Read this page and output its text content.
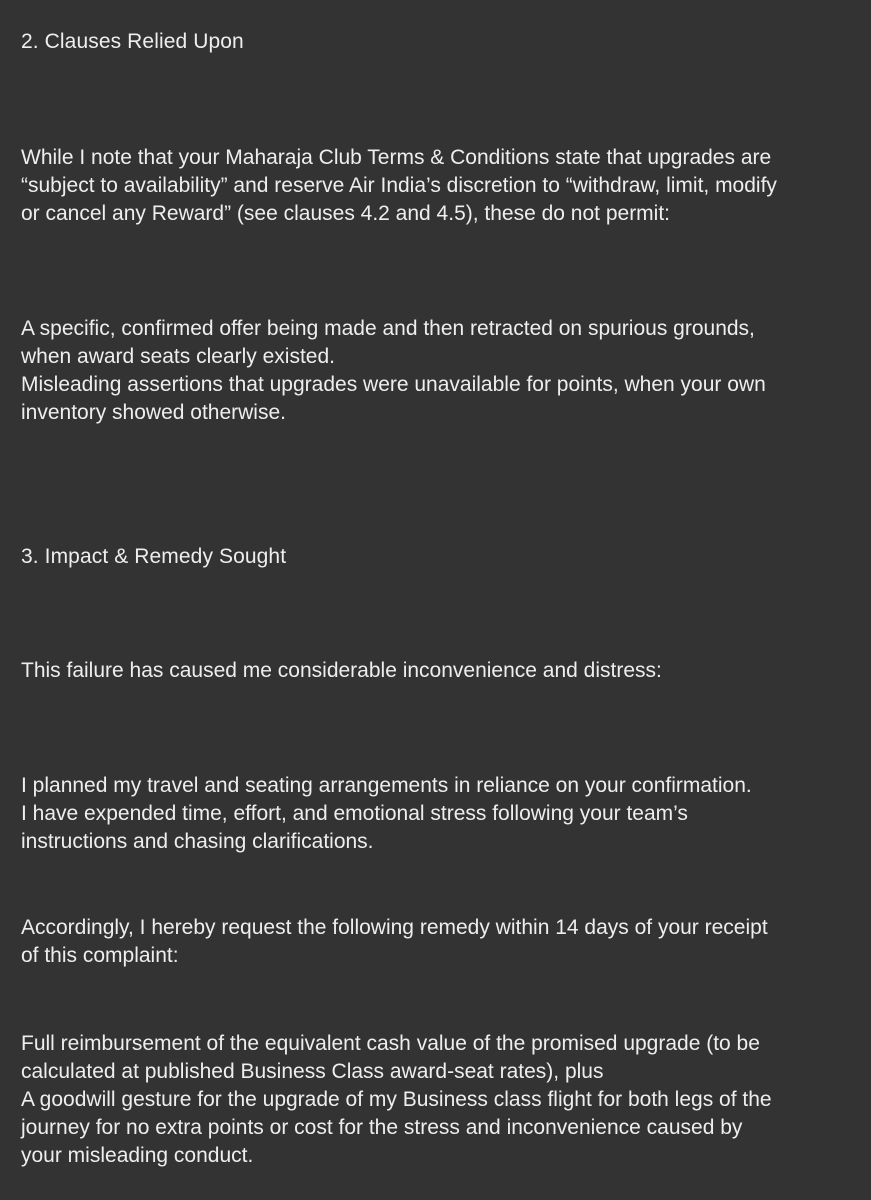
2. Clauses Relied Upon

While I note that your Maharaja Club Terms & Conditions state that upgrades are

“subject to availability” and reserve Air India’s discretion to “withdraw, limit, modify

or cancel any Reward” (see clauses 4.2 and 4.5), these do not permit:

A specific, confirmed offer being made and then retracted on spurious grounds,

when award seats clearly existed.

Misleading assertions that upgrades were unavailable for points, when your own

inventory showed otherwise.

3. Impact & Remedy Sought

This failure has caused me considerable inconvenience and distress:

I planned my travel and seating arrangements in reliance on your confirmation.

I have expended time, effort, and emotional stress following your team’s

instructions and chasing clarifications.

Accordingly, I hereby request the following remedy within 14 days of your receipt

of this complaint:

Full reimbursement of the equivalent cash value of the promised upgrade (to be

calculated at published Business Class award-seat rates), plus

A goodwill gesture for the upgrade of my Business class flight for both legs of the

journey for no extra points or cost for the stress and inconvenience caused by

your misleading conduct.
